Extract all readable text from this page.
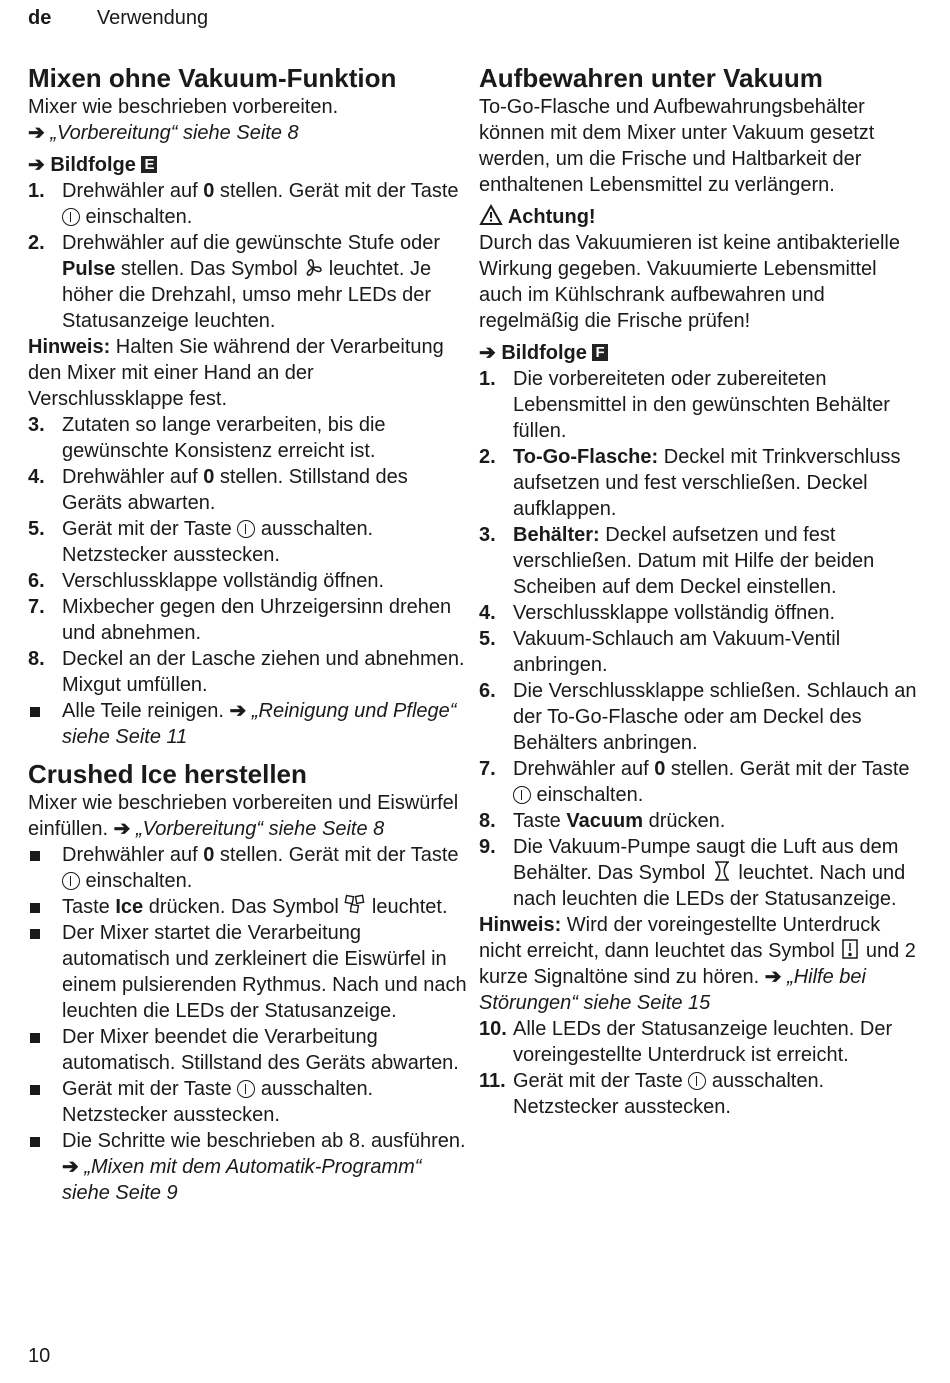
de Verwendung
Mixen ohne Vakuum-Funktion

Mixer wie beschrieben vorbereiten.

➔ „Vorbereitung“ siehe Seite 8

➔ Bildfolge E

1. Drehwähler auf 0 stellen. Gerät mit der Taste  einschalten.
2. Drehwähler auf die gewünschte Stufe oder Pulse stellen. Das Symbol  leuchtet. Je höher die Drehzahl, umso mehr LEDs der Statusanzeige leuchten.

Hinweis: Halten Sie während der Verarbeitung den Mixer mit einer Hand an der Verschlussklappe fest.

3. Zutaten so lange verarbeiten, bis die gewünschte Konsistenz erreicht ist.
4. Drehwähler auf 0 stellen. Stillstand des Geräts abwarten.
5. Gerät mit der Taste  ausschalten. Netzstecker ausstecken.
6. Verschlussklappe vollständig öffnen.
7. Mixbecher gegen den Uhrzeigersinn drehen und abnehmen.
8. Deckel an der Lasche ziehen und abnehmen. Mixgut umfüllen.
Alle Teile reinigen. ➔ „Reinigung und Pflege“ siehe Seite 11
Crushed Ice herstellen

Mixer wie beschrieben vorbereiten und Eiswürfel einfüllen. ➔ „Vorbereitung“ siehe Seite 8

Drehwähler auf 0 stellen. Gerät mit der Taste  einschalten.
Taste Ice drücken. Das Symbol  leuchtet.
Der Mixer startet die Verarbeitung automatisch und zerkleinert die Eiswürfel in einem pulsierenden Rythmus. Nach und nach leuchten die LEDs der Statusanzeige.
Der Mixer beendet die Verarbeitung automatisch. Stillstand des Geräts abwarten.
Gerät mit der Taste  ausschalten. Netzstecker ausstecken.
Die Schritte wie beschrieben ab 8. ausführen. ➔ „Mixen mit dem Automatik-Programm“ siehe Seite 9
Aufbewahren unter Vakuum

To-Go-Flasche und Aufbewahrungsbehälter können mit dem Mixer unter Vakuum gesetzt werden, um die Frische und Haltbarkeit der enthaltenen Lebensmittel zu verlängern.

Achtung!

Durch das Vakuumieren ist keine antibakterielle Wirkung gegeben. Vakuumierte Lebensmittel auch im Kühlschrank aufbewahren und regelmäßig die Frische prüfen!

➔ Bildfolge F

1. Die vorbereiteten oder zubereiteten Lebensmittel in den gewünschten Behälter füllen.
2. To-Go-Flasche: Deckel mit Trinkverschluss aufsetzen und fest verschließen. Deckel aufklappen.
3. Behälter: Deckel aufsetzen und fest verschließen. Datum mit Hilfe der beiden Scheiben auf dem Deckel einstellen.
4. Verschlussklappe vollständig öffnen.
5. Vakuum-Schlauch am Vakuum-Ventil anbringen.
6. Die Verschlussklappe schließen. Schlauch an der To-Go-Flasche oder am Deckel des Behälters anbringen.
7. Drehwähler auf 0 stellen. Gerät mit der Taste  einschalten.
8. Taste Vacuum drücken.
9. Die Vakuum-Pumpe saugt die Luft aus dem Behälter. Das Symbol  leuchtet. Nach und nach leuchten die LEDs der Statusanzeige.

Hinweis: Wird der voreingestellte Unterdruck nicht erreicht, dann leuchtet das Symbol  und 2 kurze Signaltöne sind zu hören. ➔ „Hilfe bei Störungen“ siehe Seite 15

10. Alle LEDs der Statusanzeige leuchten. Der voreingestellte Unterdruck ist erreicht.
11. Gerät mit der Taste  ausschalten. Netzstecker ausstecken.
10
